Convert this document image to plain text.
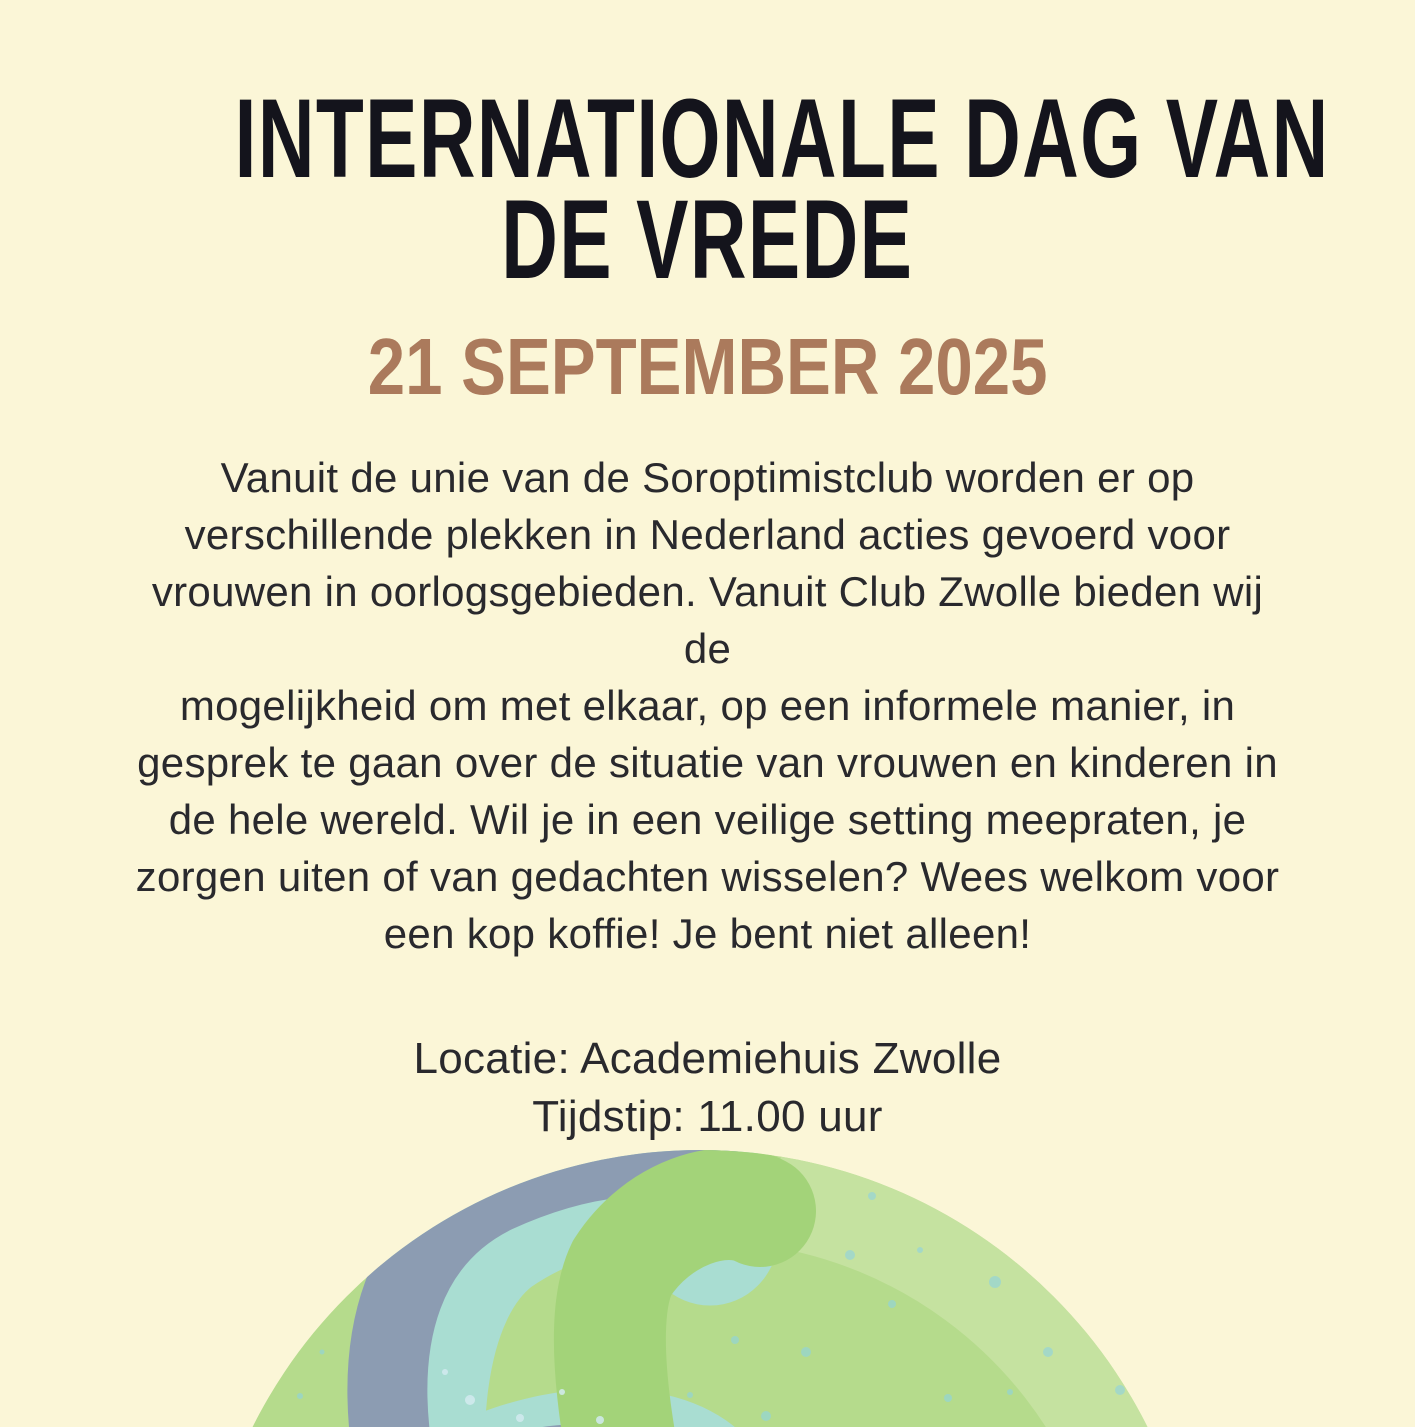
INTERNATIONALE DAG VAN
DE VREDE
21 SEPTEMBER 2025
Vanuit de unie van de Soroptimistclub worden er op
verschillende plekken in Nederland acties gevoerd voor
vrouwen in oorlogsgebieden. Vanuit Club Zwolle bieden wij
de
mogelijkheid om met elkaar, op een informele manier, in
gesprek te gaan over de situatie van vrouwen en kinderen in
de hele wereld. Wil je in een veilige setting meepraten, je
zorgen uiten of van gedachten wisselen? Wees welkom voor
een kop koffie! Je bent niet alleen!
Locatie: Academiehuis Zwolle
Tijdstip: 11.00 uur
